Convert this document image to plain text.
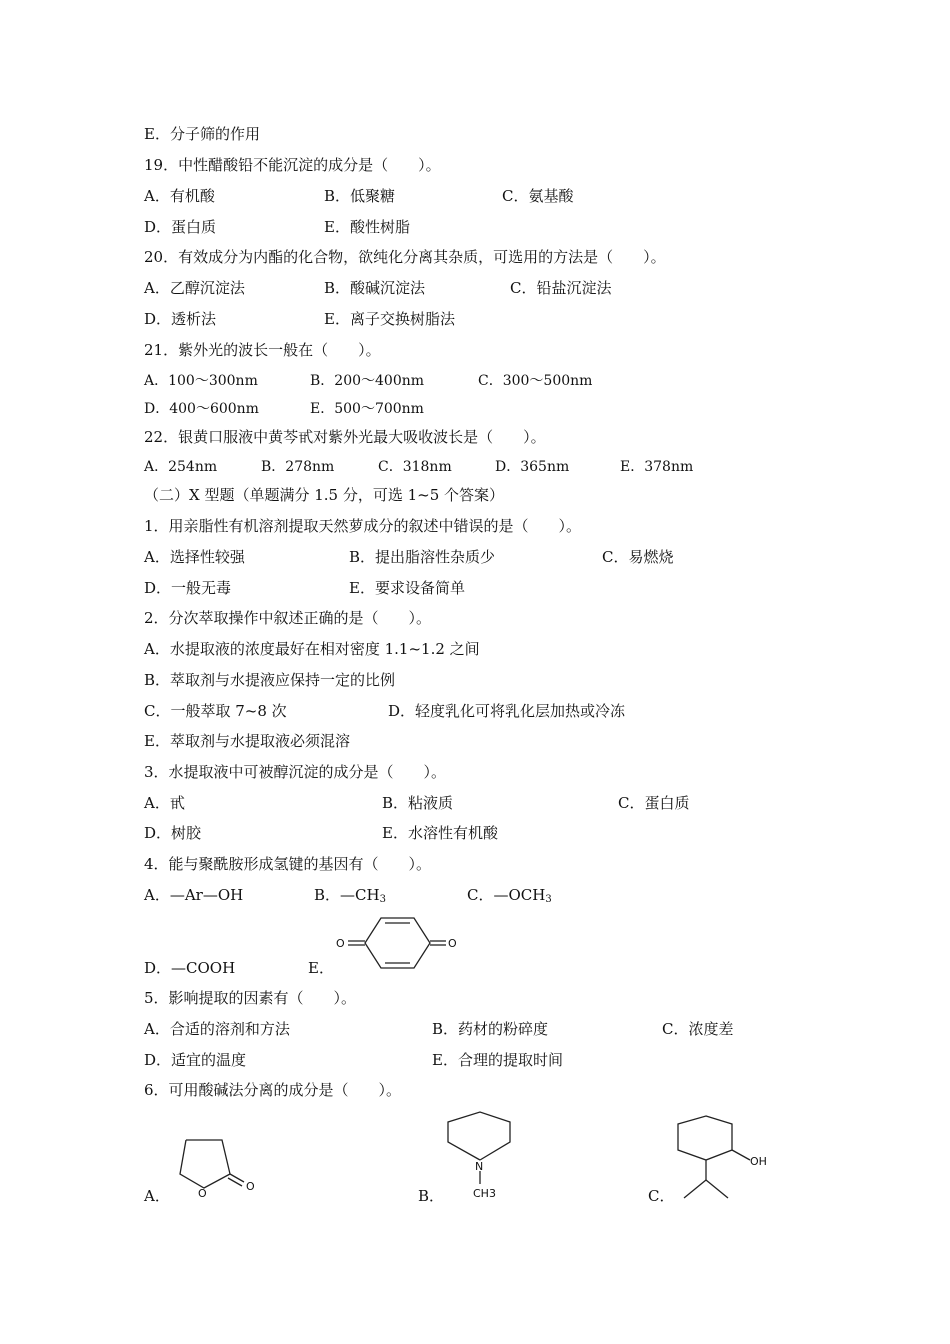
E．分子筛的作用
19．中性醋酸铅不能沉淀的成分是（　　）。
A．有机酸	B．低聚糖	C．氨基酸
D．蛋白质	E．酸性树脂
20．有效成分为内酯的化合物，欲纯化分离其杂质，可选用的方法是（　　）。
A．乙醇沉淀法	B．酸碱沉淀法	C．铅盐沉淀法
D．透析法	E．离子交换树脂法
21．紫外光的波长一般在（　　）。
A．100～300nm	B．200～400nm	C．300～500nm
D．400～600nm	E．500～700nm
22．银黄口服液中黄芩甙对紫外光最大吸收波长是（　　）。
A．254nm	B．278nm	C．318nm	D．365nm	E．378nm
（二）X 型题（单题满分 1.5 分，可选 1~5 个答案）
1．用亲脂性有机溶剂提取天然萝成分的叙述中错误的是（　　）。
A．选择性较强	B．提出脂溶性杂质少	C．易燃烧
D．一般无毒	E．要求设备简单
2．分次萃取操作中叙述正确的是（　　）。
A．水提取液的浓度最好在相对密度 1.1~1.2 之间
B．萃取剂与水提液应保持一定的比例
C．一般萃取 7~8 次	D．轻度乳化可将乳化层加热或冷冻
E．萃取剂与水提取液必须混溶
3．水提取液中可被醇沉淀的成分是（　　）。
A．甙	B．粘液质	C．蛋白质
D．树胶	E．水溶性有机酸
4．能与聚酰胺形成氢键的基因有（　　）。
A．—Ar—OH	B．$—CH_3$	C．$—OCH_3$
D．—COOH	E．
O	O
5．影响提取的因素有（　　）。
A．合适的溶剂和方法	B．药材的粉碎度	C．浓度差
D．适宜的温度	E．合理的提取时间
6．可用酸碱法分离的成分是（　　）。
A．	B．	C．
O
O
N
CH3
OH
